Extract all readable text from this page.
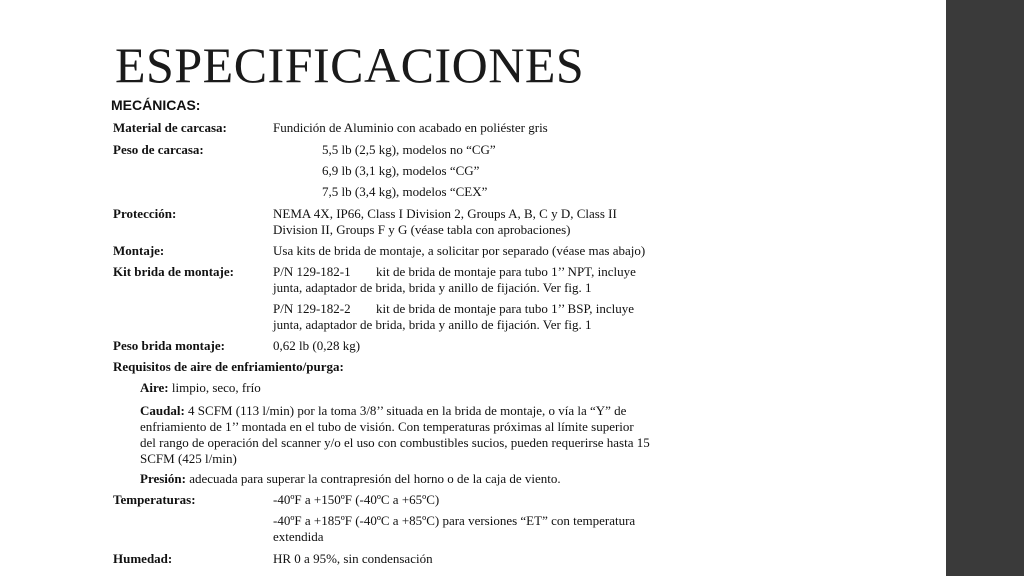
ESPECIFICACIONES
MECÁNICAS:
Material de carcasa:	Fundición de Aluminio con acabado en poliéster gris
Peso de carcasa:	5,5 lb (2,5 kg), modelos no “CG”
6,9 lb (3,1 kg), modelos “CG”
7,5 lb (3,4 kg), modelos “CEX”
Protección:	NEMA 4X, IP66, Class I Division 2, Groups A, B, C y D, Class II
Division II, Groups F y G (véase tabla con aprobaciones)
Montaje:	Usa kits de brida de montaje, a solicitar por separado (véase mas abajo)
Kit brida de montaje:	P/N 129-182-1 kit de brida de montaje para tubo 1’’ NPT, incluye
junta, adaptador de brida, brida y anillo de fijación. Ver fig. 1
P/N 129-182-2 kit de brida de montaje para tubo 1’’ BSP, incluye
junta, adaptador de brida, brida y anillo de fijación. Ver fig. 1
Peso brida montaje:	0,62 lb (0,28 kg)
Requisitos de aire de enfriamiento/purga:
Aire: limpio, seco, frío
Caudal: 4 SCFM (113 l/min) por la toma 3/8’’ situada en la brida de montaje, o vía la “Y” de
enfriamiento de 1’’ montada en el tubo de visión. Con temperaturas próximas al límite superior
del rango de operación del scanner y/o el uso con combustibles sucios, pueden requerirse hasta 15
SCFM (425 l/min)
Presión: adecuada para superar la contrapresión del horno o de la caja de viento.
Temperaturas:	-40ºF a +150ºF (-40ºC a +65ºC)
-40ºF a +185ºF (-40ºC a +85ºC) para versiones “ET” con temperatura
extendida
Humedad:	HR 0 a 95%, sin condensación
